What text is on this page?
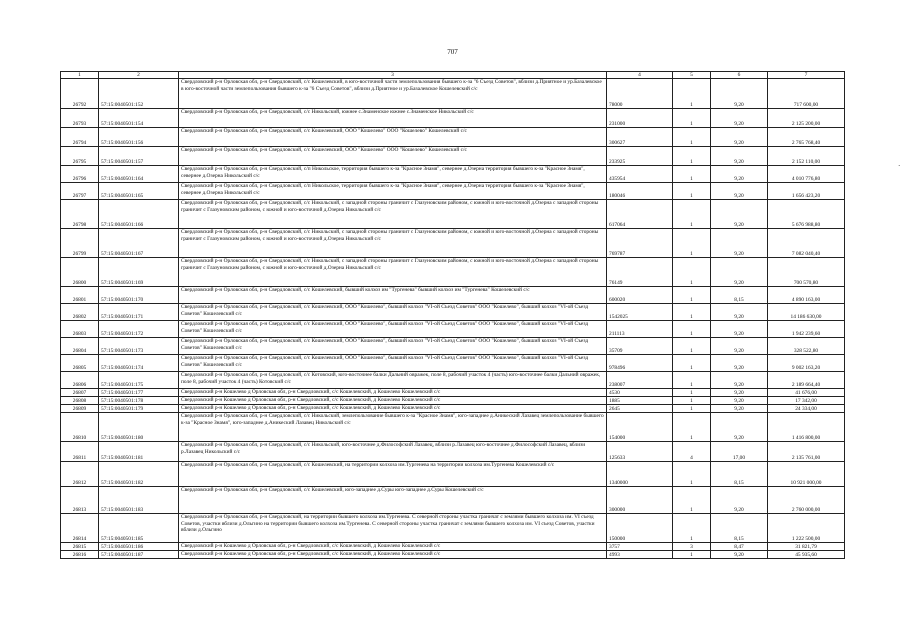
707
·
1	2	3	4	5	6	7
26792	57:15:0040501:152	Свердловский р-н Орловская обл, р-н Свердловский, с/с Кошелевский, в юго-восточной части землепользования бывшего к-за "6 Съезд Советов", вблизи д.Приятное и ур.Базалевское в юго-восточной части землепользования бывшего к-за "6 Съезд Советов", вблизи д.Приятное и ур.Базалевское Кошелевский с/с	78000	1	9,20	717 600,00
26793	57:15:0040501:154	Свердловский р-н Орловская обл, р-н Свердловский, с/с Никольский, южнее с.Знаменское южнее с.Знаменское Никольский с/с	231000	1	9,20	2 125 200,00
26794	57:15:0040501:156	Свердловский р-н Орловская обл, р-н Свердловский, с/с Кошелевский, ООО "Кошелево" ООО "Кошелево" Кошелевский с/с	300627	1	9,20	2 765 768,40
26795	57:15:0040501:157	Свердловский р-н Орловская обл, р-н Свердловский, с/с Кошелевский, ООО "Кошелево" ООО "Кошелево" Кошелевский с/с	233925	1	9,20	2 152 110,00
26796	57:15:0040501:164	Свердловский р-н Орловская обл, р-н Свердловский, с/п Никольское, территория бывшего к-за "Красное Знамя", севернее д.Озерна территория бывшего к-за "Красное Знамя", севернее д.Озерна Никольский с/с	435954	1	9,20	4 010 776,80
26797	57:15:0040501:165	Свердловский р-н Орловская обл, р-н Свердловский, с/п Никольское, территория бывшего к-за "Красное Знамя", севернее д.Озерна территория бывшего к-за "Красное Знамя", севернее д.Озерна Никольский с/с	180046	1	9,20	1 656 423,20
26798	57:15:0040501:166	Свердловский р-н Орловская обл, р-н Свердловский, с/с Никольский, с западной стороны граничит с Глазуновским районом, с южной и юго-восточной д.Озерна с западной стороны граничит с Глазуновским районом, с южной и юго-восточной д.Озерна Никольский с/с	617064	1	9,20	5 676 988,80
26799	57:15:0040501:167	Свердловский р-н Орловская обл, р-н Свердловский, с/с Никольский, с западной стороны граничит с Глазуновским районом, с южной и юго-восточной д.Озерна с западной стороны граничит с Глазуновским районом, с южной и юго-восточной д.Озерна Никольский с/с	769787	1	9,20	7 082 040,40
26800	57:15:0040501:169	Свердловский р-н Орловская обл, р-н Свердловский, с/с Никольский, с западной стороны граничит с Глазуновским районом, с южной и юго-восточной д.Озерна с западной стороны граничит с Глазуновским районом, с южной и юго-восточной д.Озерна Никольский с/с	76149	1	9,20	700 570,80
26801	57:15:0040501:170	Свердловский р-н Орловская обл, р-н Свердловский, с/с Кошелевский, бывший колхоз им "Тургенева" бывший колхоз им "Тургенева" Кошелевский с/с	600020	1	8,15	4 890 163,00
26802	57:15:0040501:171	Свердловский р-н Орловская обл, р-н Свердловский, с/с Кошелевский, ООО "Кошелево", бывший колхоз "VI-ой Съезд Советов" ООО "Кошелево", бывший колхоз "VI-ой Съезд Советов" Кошелевский с/с	1542025	1	9,20	14 186 630,00
26803	57:15:0040501:172	Свердловский р-н Орловская обл, р-н Свердловский, с/с Кошелевский, ООО "Кошелево", бывший колхоз "VI-ой Съезд Советов" ООО "Кошелево", бывший колхоз "VI-ой Съезд Советов" Кошелевский с/с	211113	1	9,20	1 942 239,60
26804	57:15:0040501:173	Свердловский р-н Орловская обл, р-н Свердловский, с/с Кошелевский, ООО "Кошелево", бывший колхоз "VI-ой Съезд Советов" ООО "Кошелево", бывший колхоз "VI-ой Съезд Советов" Кошелевский с/с	35709	1	9,20	328 522,80
26805	57:15:0040501:174	Свердловский р-н Орловская обл, р-н Свердловский, с/с Кошелевский, ООО "Кошелево", бывший колхоз "VI-ой Съезд Советов" ООО "Кошелево", бывший колхоз "VI-ой Съезд Советов" Кошелевский с/с	978496	1	9,20	9 002 163,20
26806	57:15:0040501:175	Свердловский р-н Орловская обл, р-н Свердловский, с/с Котовский, юго-восточнее балки Дальний овражек, поле 8, рабочий участок 4 (часть) юго-восточнее балки Дальний овражек, поле 8, рабочий участок 4 (часть) Котовский с/с	238007	1	9,20	2 189 664,40
26807	57:15:0040501:177	Свердловский р-н Кошелево д Орловская обл, р-н Свердловский, с/с Кошелевский, д Кошелево Кошелевский с/с	4530	1	9,20	41 676,00
26808	57:15:0040501:178	Свердловский р-н Кошелево д Орловская обл, р-н Свердловский, с/с Кошелевский, д Кошелево Кошелевский с/с	1885	1	9,20	17 342,00
26809	57:15:0040501:179	Свердловский р-н Кошелево д Орловская обл, р-н Свердловский, с/с Кошелевский, д Кошелево Кошелевский с/с	2645	1	9,20	24 334,00
26810	57:15:0040501:180	Свердловский р-н Орловская обл, р-н Свердловский, с/с Никольский, землепользование бывшего к-за "Красное Знамя", юго-западнее д.Аникеский Лазавец землепользование бывшего к-за "Красное Знамя", юго-западнее д.Аникеский Лазавец Никольский с/с	154000	1	9,20	1 416 800,00
26811	57:15:0040501:181	Свердловский р-н Орловская обл, р-н Свердловский, с/с Никольский, юго-восточнее д.Философский Лазавец, вблизи р.Лазавец юго-восточнее д.Философский Лазавец, вблизи р.Лазавец Никольский с/с	125633	4	17,00	2 135 761,00
26812	57:15:0040501:182	Свердловский р-н Орловская обл, р-н Свердловский, с/с Кошелевский, на территории колхоза им.Тургенева на территории колхоза им.Тургенева Кошелевский с/с	1340000	1	8,15	10 921 000,00
26813	57:15:0040501:183	Свердловский р-н Орловская обл, р-н Свердловский, с/с Кошелевский, юго-западнее д.Суры юго-западнее д.Суры Кошелевский с/с	300000	1	9,20	2 760 000,00
26814	57:15:0040501:185	Свердловский р-н Орловская обл, р-н Свердловский, на территории бывшего колхоза им.Тургенева. С северной стороны участка граничат с землями бывшего колхоза им. VI съезд Советов, участки вблизи д.Ольгино на территории бывшего колхоза им.Тургенева. С северной стороны участка граничат с землями бывшего колхоза им. VI съезд Советов, участки вблизи д.Ольгино	150000	1	8,15	1 222 500,00
26815	57:15:0040501:186	Свердловский р-н Кошелево д Орловская обл, р-н Свердловский, с/с Кошелевский, д Кошелево Кошелевский с/с	3757	3	8,47	31 821,79
26816	57:15:0040501:187	Свердловский р-н Кошелево д Орловская обл, р-н Свердловский, с/с Кошелевский, д Кошелево Кошелевский с/с	4993	1	9,20	45 935,60
